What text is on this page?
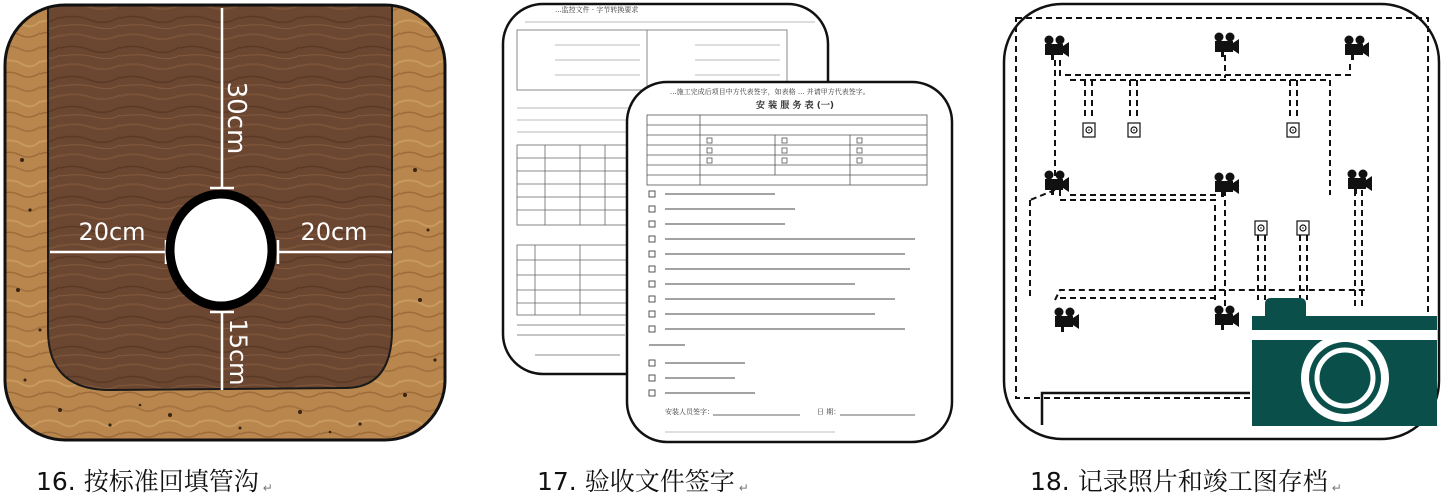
30cm
20cm	20cm
15cm
...监控文件 · 字节转换要求
...施工完成后项目中方代表签字，如表格 ... 并请甲方代表签字。
安 装 服 务 表 (一)
安装人员签字：	日 期：
16. 按标准回填管沟 ↵	17. 验收文件签字 ↵	18. 记录照片和竣工图存档 ↵
